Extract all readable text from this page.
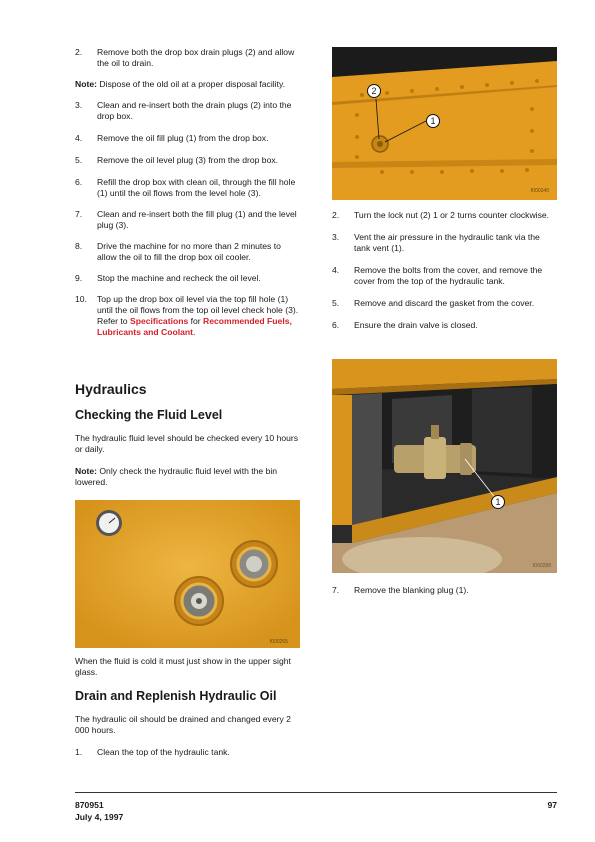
2. Remove both the drop box drain plugs (2) and allow the oil to drain.

Note: Dispose of the old oil at a proper disposal facility.

3. Clean and re-insert both the drain plugs (2) into the drop box.
4. Remove the oil fill plug (1) from the drop box.
5. Remove the oil level plug (3) from the drop box.
6. Refill the drop box with clean oil, through the fill hole (1) until the oil flows from the level hole (3).
7. Clean and re-insert both the fill plug (1) and the level plug (3).
8. Drive the machine for no more than 2 minutes to allow the oil to fill the drop box oil cooler.
9. Stop the machine and recheck the oil level.
10. Top up the drop box oil level via the top fill hole (1) until the oil flows from the top oil level check hole (3). Refer to Specifications for Recommended Fuels, Lubricants and Coolant.
Hydraulics
Checking the Fluid Level

The hydraulic fluid level should be checked every 10 hours or daily.

Note: Only check the hydraulic fluid level with the bin lowered.

f000265

When the fluid is cold it must just show in the upper sight glass.

Drain and Replenish Hydraulic Oil

The hydraulic oil should be drained and changed every 2 000 hours.

1. Clean the top of the hydraulic tank.
2
1
f000340
2. Turn the lock nut (2) 1 or 2 turns counter clockwise.
3. Vent the air pressure in the hydraulic tank via the tank vent (1).
4. Remove the bolts from the cover, and remove the cover from the top of the hydraulic tank.
5. Remove and discard the gasket from the cover.
6. Ensure the drain valve is closed.
1
f000288
7. Remove the blanking plug (1).
870951
July 4, 1997
97
